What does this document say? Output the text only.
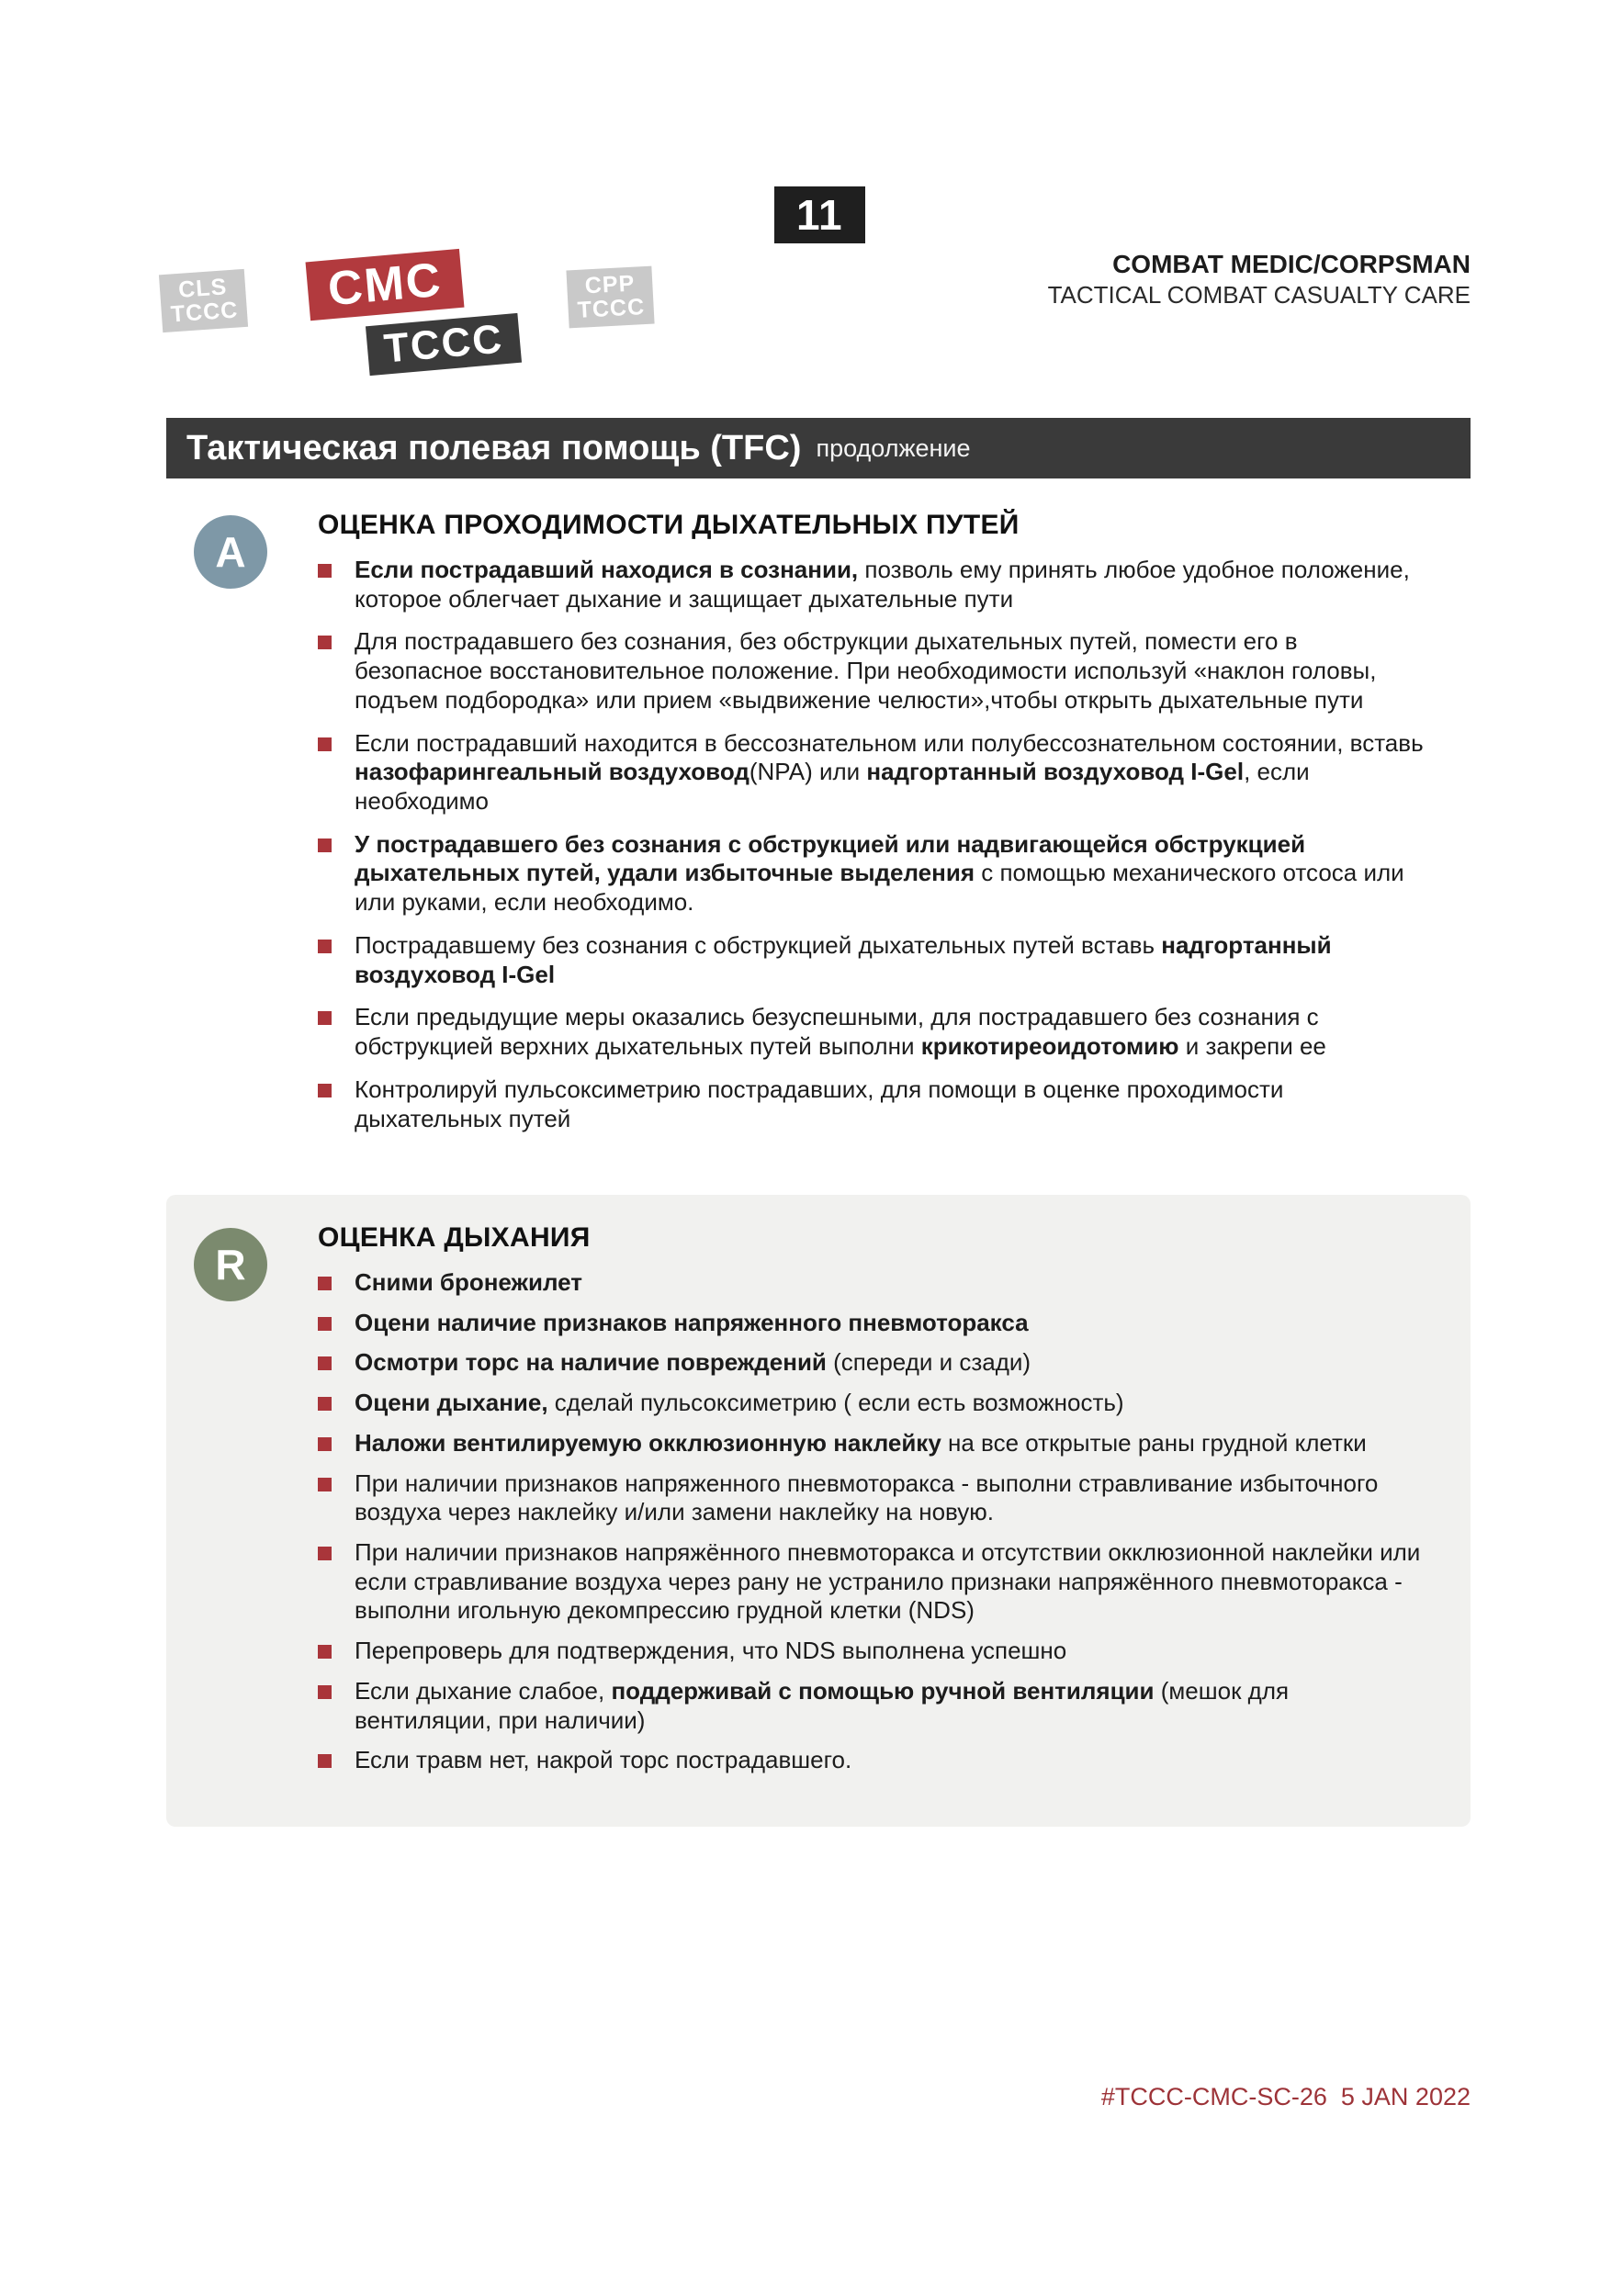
11
CLS
TCCC	CMC
TCCC
CPP
TCCC
COMBAT MEDIC/CORPSMAN
TACTICAL COMBAT CASUALTY CARE
Тактическая полевая помощь (TFC) продолжение
A
ОЦЕНКА ПРОХОДИМОСТИ ДЫХАТЕЛЬНЫХ ПУТЕЙ
Если пострадавший находися в сознании, позволь ему принять любое удобное положение, которое облегчает дыхание и защищает дыхательные пути
Для пострадавшего без сознания, без обструкции дыхательных путей, помести его в безопасное восстановительное положение. При необходимости используй «наклон головы, подъем подбородка» или прием «выдвижение челюсти»,чтобы открыть дыхательные пути
Если пострадавший находится в бессознательном или полубессознательном состоянии, вставь назофарингеальный воздуховод(NPA) или надгортанный воздуховод I-Gel, если необходимо
У пострадавшего без сознания с обструкцией или надвигающейся обструкцией дыхательных путей, удали избыточные выделения с помощью механического отсоса или или руками, если необходимо.
Пострадавшему без сознания с обструкцией дыхательных путей вставь надгортанный воздуховод I-Gel
Если предыдущие меры оказались безуспешными, для пострадавшего без сознания с обструкцией верхних дыхательных путей выполни крикотиреоидотомию и закрепи ее
Контролируй пульсоксиметрию пострадавших, для помощи в оценке проходимости дыхательных путей
R
ОЦЕНКА ДЫХАНИЯ
Сними бронежилет
Оцени наличие признаков напряженного пневмоторакса
Осмотри торс на наличие повреждений (спереди и сзади)
Оцени дыхание, сделай пульсоксиметрию ( если есть возможность)
Наложи вентилируемую окклюзионную наклейку на все открытые раны грудной клетки
При наличии признаков напряженного пневмоторакса - выполни стравливание избыточного воздуха через наклейку и/или замени наклейку на новую.
При наличии признаков напряжённого пневмоторакса и отсутствии окклюзионной наклейки или если стравливание воздуха через рану не устранило признаки напряжённого пневмоторакса - выполни игольную декомпрессию грудной клетки (NDS)
Перепроверь для подтверждения, что NDS выполнена успешно
Если дыхание слабое, поддерживай с помощью ручной вентиляции (мешок для вентиляции, при наличии)
Если травм нет, накрой торс пострадавшего.
#TCCC-CMC-SC-26  5 JAN 2022
